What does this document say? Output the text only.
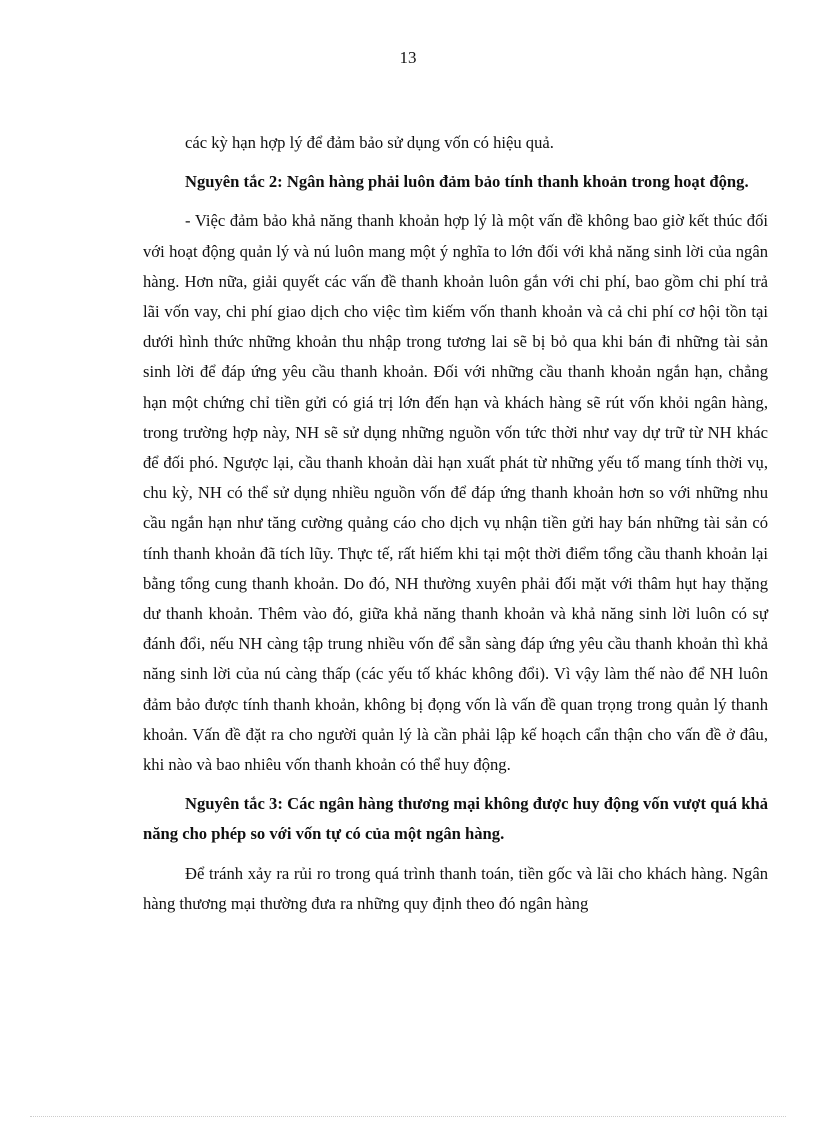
13

các kỳ hạn hợp lý để đảm bảo sử dụng vốn có hiệu quả.

Nguyên tắc 2: Ngân hàng phải luôn đảm bảo tính thanh khoản trong hoạt động.

- Việc đảm bảo khả năng thanh khoản hợp lý là một vấn đề không bao giờ kết thúc đối với hoạt động quản lý và nú luôn mang một ý nghĩa to lớn đối với khả năng sinh lời của ngân hàng. Hơn nữa, giải quyết các vấn đề thanh khoản luôn gắn với chi phí, bao gồm chi phí trả lãi vốn vay, chi phí giao dịch cho việc tìm kiếm vốn thanh khoản và cả chi phí cơ hội tồn tại dưới hình thức những khoản thu nhập trong tương lai sẽ bị bỏ qua khi bán đi những tài sản sinh lời để đáp ứng yêu cầu thanh khoản. Đối với những cầu thanh khoản ngắn hạn, chẳng hạn một chứng chỉ tiền gửi có giá trị lớn đến hạn và khách hàng sẽ rút vốn khỏi ngân hàng, trong trường hợp này, NH sẽ sử dụng những nguồn vốn tức thời như vay dự trữ từ NH khác để đối phó. Ngược lại, cầu thanh khoản dài hạn xuất phát từ những yếu tố mang tính thời vụ, chu kỳ, NH có thể sử dụng nhiều nguồn vốn để đáp ứng thanh khoản hơn so với những nhu cầu ngắn hạn như tăng cường quảng cáo cho dịch vụ nhận tiền gửi hay bán những tài sản có tính thanh khoản đã tích lũy. Thực tế, rất hiếm khi tại một thời điểm tổng cầu thanh khoản lại bằng tổng cung thanh khoản. Do đó, NH thường xuyên phải đối mặt với thâm hụt hay thặng dư thanh khoản. Thêm vào đó, giữa khả năng thanh khoản và khả năng sinh lời luôn có sự đánh đổi, nếu NH càng tập trung nhiều vốn để sẵn sàng đáp ứng yêu cầu thanh khoản thì khả năng sinh lời của nú càng thấp (các yếu tố khác không đổi). Vì vậy làm thế nào để NH luôn đảm bảo được tính thanh khoản, không bị đọng vốn là vấn đề quan trọng trong quản lý thanh khoản. Vấn đề đặt ra cho người quản lý là cần phải lập kế hoạch cẩn thận cho vấn đề ở đâu, khi nào và bao nhiêu vốn thanh khoản có thể huy động.

Nguyên tắc 3: Các ngân hàng thương mại không được huy động vốn vượt quá khả năng cho phép so với vốn tự có của một ngân hàng.

Để tránh xảy ra rủi ro trong quá trình thanh toán, tiền gốc và lãi cho khách hàng. Ngân hàng thương mại thường đưa ra những quy định theo đó ngân hàng
